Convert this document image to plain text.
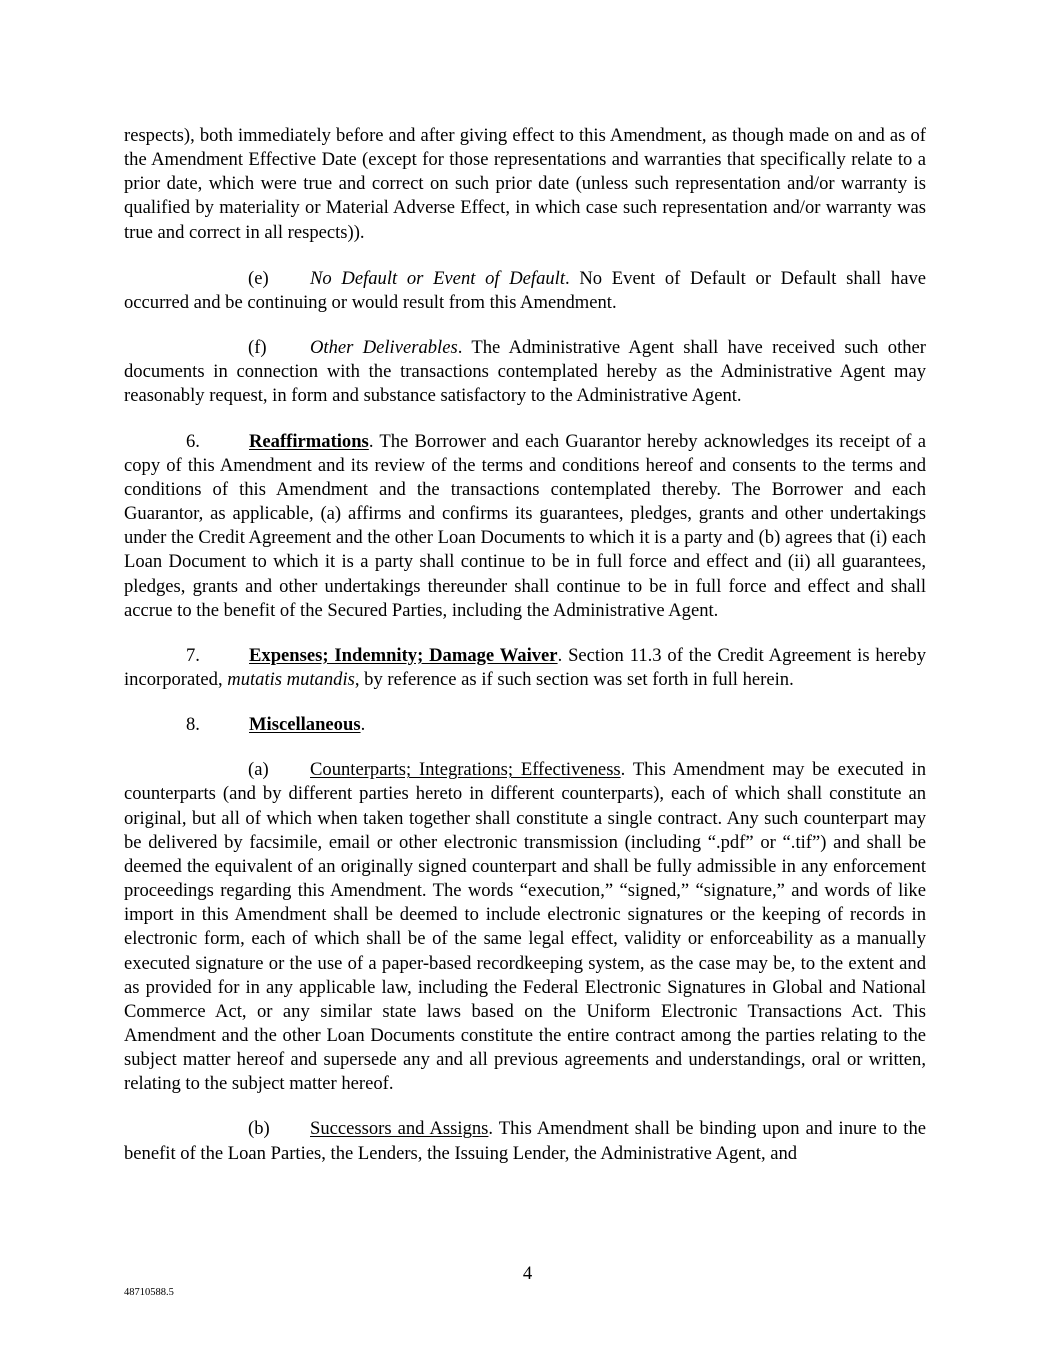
respects), both immediately before and after giving effect to this Amendment, as though made on and as of the Amendment Effective Date (except for those representations and warranties that specifically relate to a prior date, which were true and correct on such prior date (unless such representation and/or warranty is qualified by materiality or Material Adverse Effect, in which case such representation and/or warranty was true and correct in all respects)).

(e) No Default or Event of Default. No Event of Default or Default shall have occurred and be continuing or would result from this Amendment.

(f) Other Deliverables. The Administrative Agent shall have received such other documents in connection with the transactions contemplated hereby as the Administrative Agent may reasonably request, in form and substance satisfactory to the Administrative Agent.

6.	Reaffirmations. The Borrower and each Guarantor hereby acknowledges its receipt of a copy of this Amendment and its review of the terms and conditions hereof and consents to the terms and conditions of this Amendment and the transactions contemplated thereby. The Borrower and each Guarantor, as applicable, (a) affirms and confirms its guarantees, pledges, grants and other undertakings under the Credit Agreement and the other Loan Documents to which it is a party and (b) agrees that (i) each Loan Document to which it is a party shall continue to be in full force and effect and (ii) all guarantees, pledges, grants and other undertakings thereunder shall continue to be in full force and effect and shall accrue to the benefit of the Secured Parties, including the Administrative Agent.

7.	Expenses; Indemnity; Damage Waiver. Section 11.3 of the Credit Agreement is hereby incorporated, mutatis mutandis, by reference as if such section was set forth in full herein.

8.	Miscellaneous.

(a) Counterparts; Integrations; Effectiveness. This Amendment may be executed in counterparts (and by different parties hereto in different counterparts), each of which shall constitute an original, but all of which when taken together shall constitute a single contract. Any such counterpart may be delivered by facsimile, email or other electronic transmission (including “.pdf” or “.tif”) and shall be deemed the equivalent of an originally signed counterpart and shall be fully admissible in any enforcement proceedings regarding this Amendment. The words “execution,” “signed,” “signature,” and words of like import in this Amendment shall be deemed to include electronic signatures or the keeping of records in electronic form, each of which shall be of the same legal effect, validity or enforceability as a manually executed signature or the use of a paper-based recordkeeping system, as the case may be, to the extent and as provided for in any applicable law, including the Federal Electronic Signatures in Global and National Commerce Act, or any similar state laws based on the Uniform Electronic Transactions Act. This Amendment and the other Loan Documents constitute the entire contract among the parties relating to the subject matter hereof and supersede any and all previous agreements and understandings, oral or written, relating to the subject matter hereof.

(b) Successors and Assigns. This Amendment shall be binding upon and inure to the benefit of the Loan Parties, the Lenders, the Issuing Lender, the Administrative Agent, and

4
48710588.5
